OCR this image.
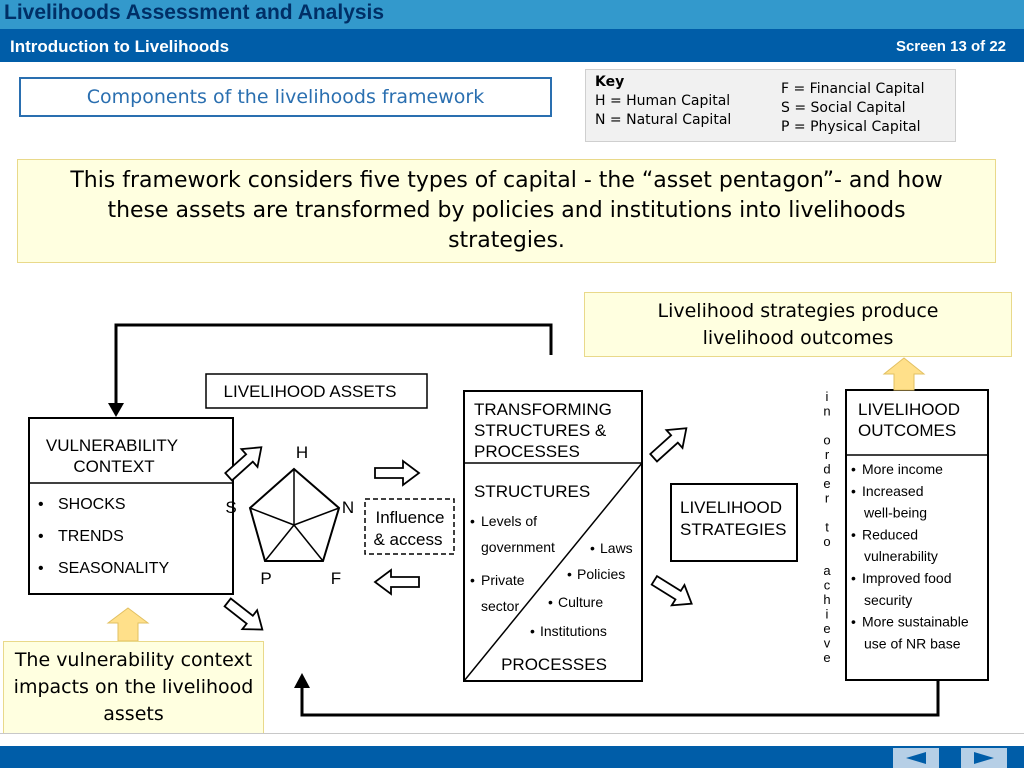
Livelihoods Assessment and Analysis
Introduction to Livelihoods	Screen 13 of 22
Components of the livelihoods framework
Key
H = Human Capital
N = Natural Capital
F = Financial Capital
S = Social Capital
P = Physical Capital
This framework considers five types of capital - the “asset pentagon”- and how these assets are transformed by policies and institutions into livelihoods strategies.
VULNERABILITY
CONTEXT
• SHOCKS
• TRENDS
• SEASONALITY
LIVELIHOOD ASSETS
H
N
F
P
S
Influence
& access
TRANSFORMING
STRUCTURES &
PROCESSES
STRUCTURES
• Levels of
government
• Private
sector
• Laws
• Policies
• Culture
• Institutions
PROCESSES
LIVELIHOOD
STRATEGIES
i
n
o
r
d
e
r
t
o
a
c
h
i
e
v
e
LIVELIHOOD
OUTCOMES
• More income
• Increased
well-being
• Reduced
vulnerability
• Improved food
security
• More sustainable
use of NR base
Livelihood strategies produce livelihood outcomes
The vulnerability context impacts on the livelihood assets
